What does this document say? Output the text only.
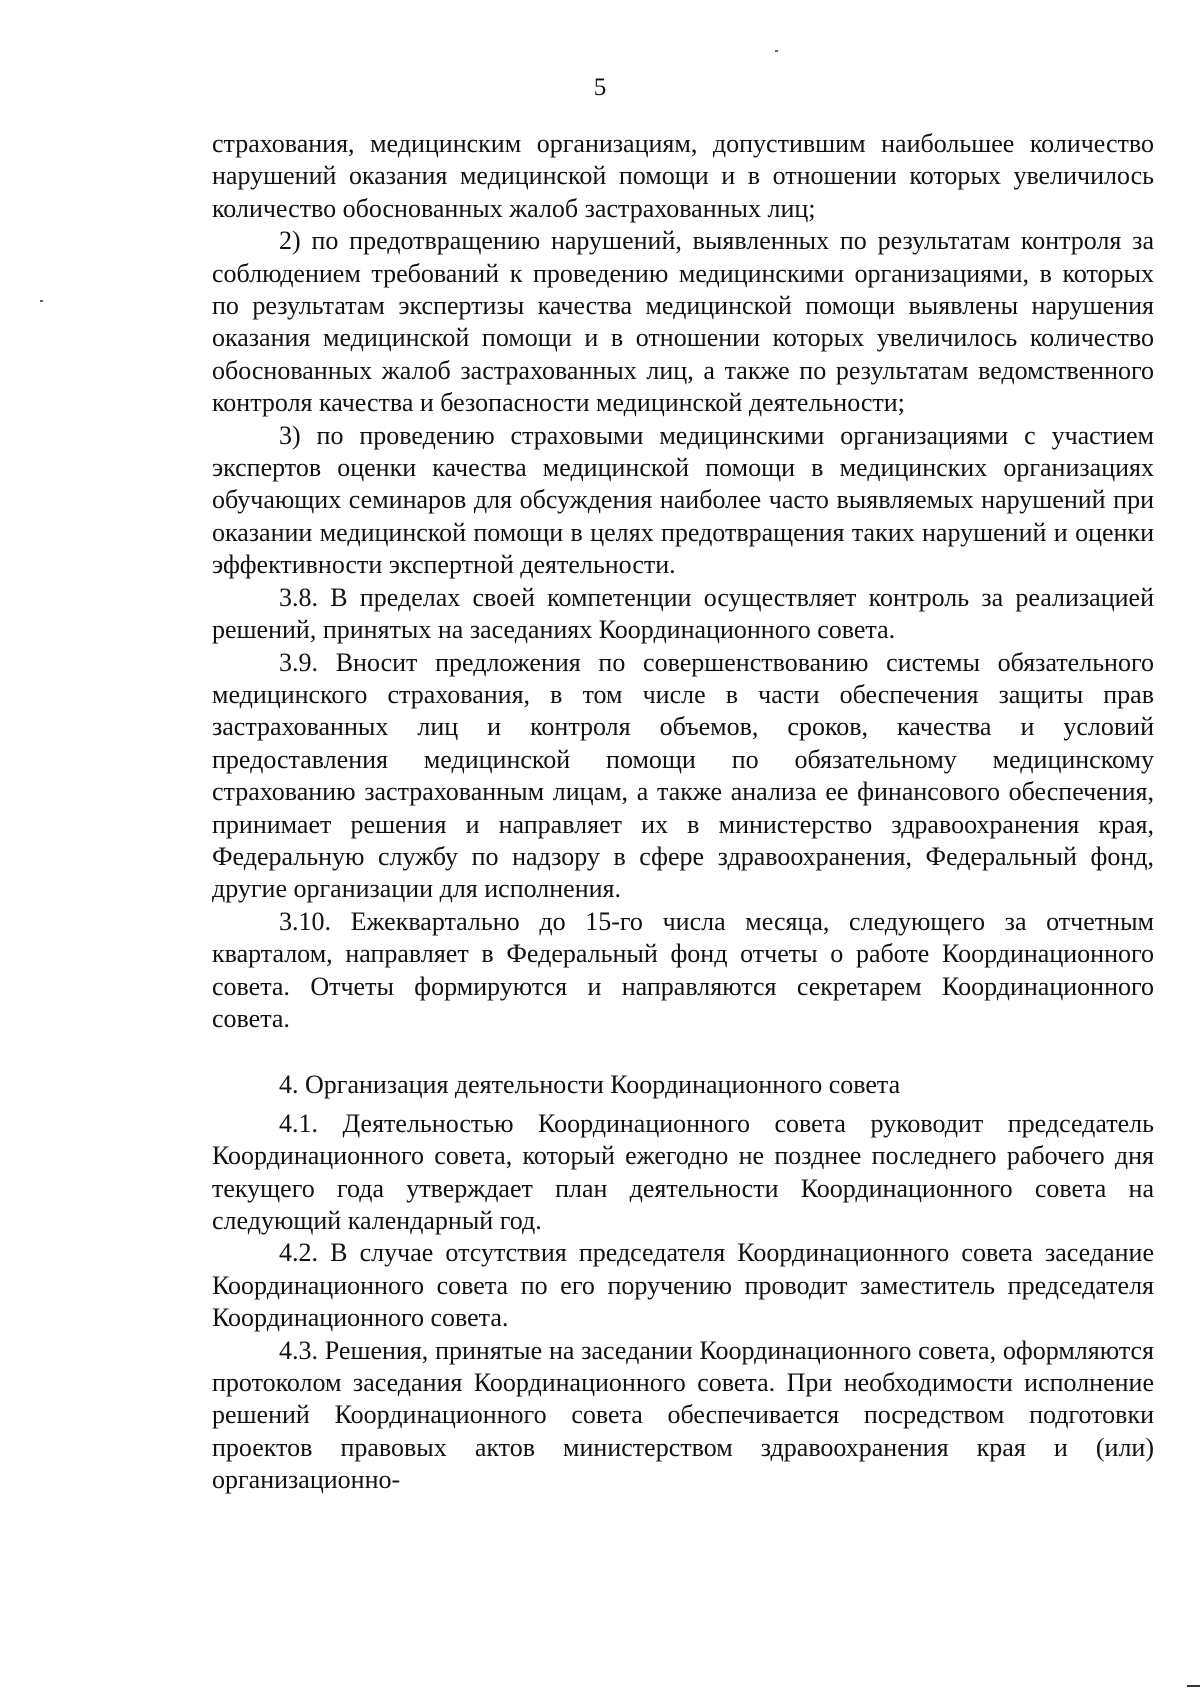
5

страхования, медицинским организациям, допустившим наибольшее количество нарушений оказания медицинской помощи и в отношении которых увеличилось количество обоснованных жалоб застрахованных лиц;

2) по предотвращению нарушений, выявленных по результатам контроля за соблюдением требований к проведению медицинскими организациями, в которых по результатам экспертизы качества медицинской помощи выявлены нарушения оказания медицинской помощи и в отношении которых увеличилось количество обоснованных жалоб застрахованных лиц, а также по результатам ведомственного контроля качества и безопасности медицинской деятельности;

3) по проведению страховыми медицинскими организациями с участием экспертов оценки качества медицинской помощи в медицинских организациях обучающих семинаров для обсуждения наиболее часто выявляемых нарушений при оказании медицинской помощи в целях предотвращения таких нарушений и оценки эффективности экспертной деятельности.

3.8. В пределах своей компетенции осуществляет контроль за реализацией решений, принятых на заседаниях Координационного совета.

3.9. Вносит предложения по совершенствованию системы обязательного медицинского страхования, в том числе в части обеспечения защиты прав застрахованных лиц и контроля объемов, сроков, качества и условий предоставления медицинской помощи по обязательному медицинскому страхованию застрахованным лицам, а также анализа ее финансового обеспечения, принимает решения и направляет их в министерство здравоохранения края, Федеральную службу по надзору в сфере здравоохранения, Федеральный фонд, другие организации для исполнения.

3.10. Ежеквартально до 15-го числа месяца, следующего за отчетным кварталом, направляет в Федеральный фонд отчеты о работе Координационного совета. Отчеты формируются и направляются секретарем Координационного совета.

4. Организация деятельности Координационного совета

4.1. Деятельностью Координационного совета руководит председатель Координационного совета, который ежегодно не позднее последнего рабочего дня текущего года утверждает план деятельности Координационного совета на следующий календарный год.

4.2. В случае отсутствия председателя Координационного совета заседание Координационного совета по его поручению проводит заместитель председателя Координационного совета.

4.3. Решения, принятые на заседании Координационного совета, оформляются протоколом заседания Координационного совета. При необходимости исполнение решений Координационного совета обеспечивается посредством подготовки проектов правовых актов министерством здравоохранения края и (или) организационно-
